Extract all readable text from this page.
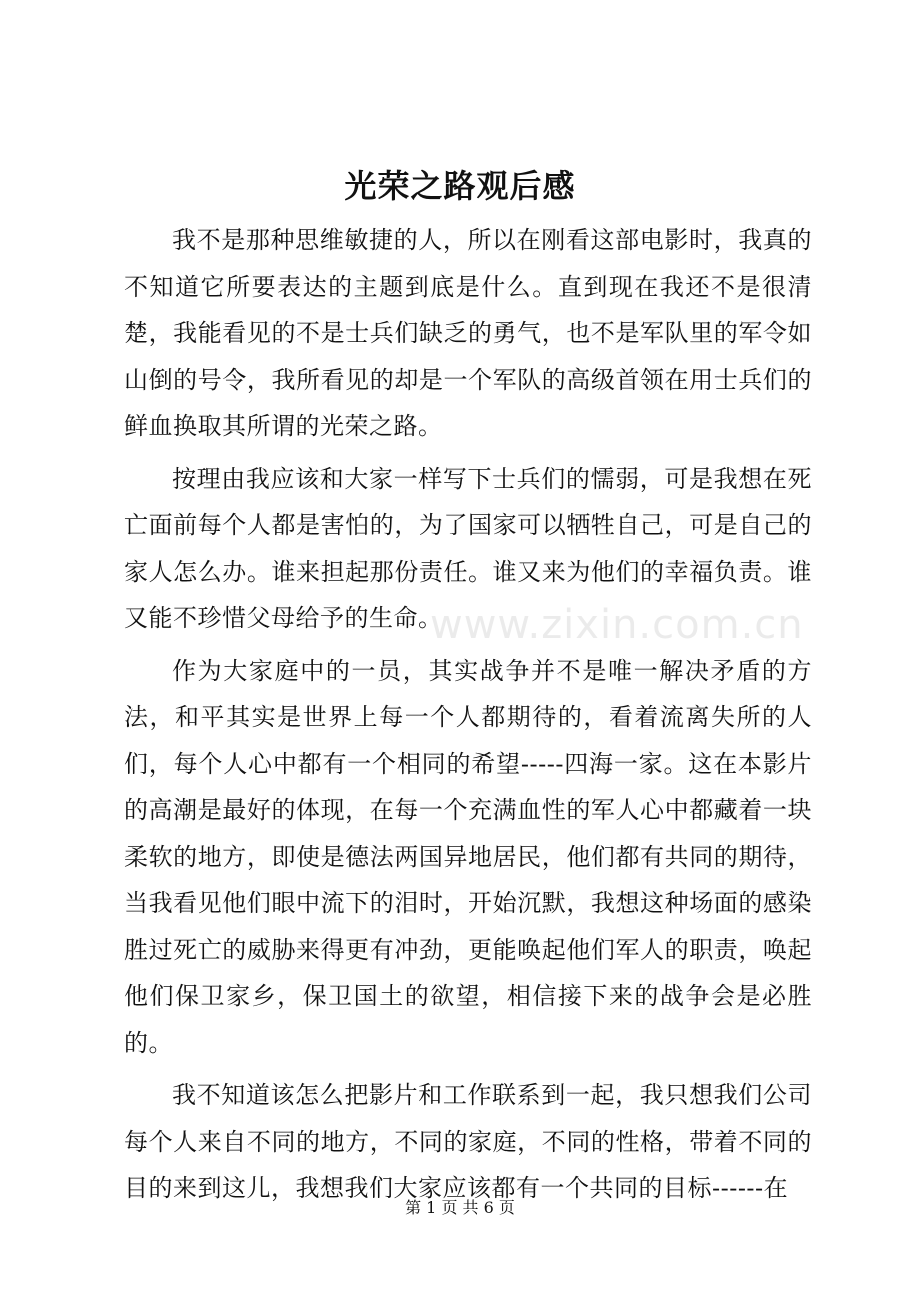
www.zixin.com.cn
光荣之路观后感

我不是那种思维敏捷的人，所以在刚看这部电影时，我真的不知道它所要表达的主题到底是什么。直到现在我还不是很清楚，我能看见的不是士兵们缺乏的勇气，也不是军队里的军令如山倒的号令，我所看见的却是一个军队的高级首领在用士兵们的鲜血换取其所谓的光荣之路。

按理由我应该和大家一样写下士兵们的懦弱，可是我想在死亡面前每个人都是害怕的，为了国家可以牺牲自己，可是自己的家人怎么办。谁来担起那份责任。谁又来为他们的幸福负责。谁又能不珍惜父母给予的生命。

作为大家庭中的一员，其实战争并不是唯一解决矛盾的方法，和平其实是世界上每一个人都期待的，看着流离失所的人们，每个人心中都有一个相同的希望-----四海一家。这在本影片的高潮是最好的体现，在每一个充满血性的军人心中都藏着一块柔软的地方，即使是德法两国异地居民，他们都有共同的期待，当我看见他们眼中流下的泪时，开始沉默，我想这种场面的感染胜过死亡的威胁来得更有冲劲，更能唤起他们军人的职责，唤起他们保卫家乡，保卫国土的欲望，相信接下来的战争会是必胜的。

我不知道该怎么把影片和工作联系到一起，我只想我们公司每个人来自不同的地方，不同的家庭，不同的性格，带着不同的目的来到这儿，我想我们大家应该都有一个共同的目标------在

第 1 页 共 6 页
